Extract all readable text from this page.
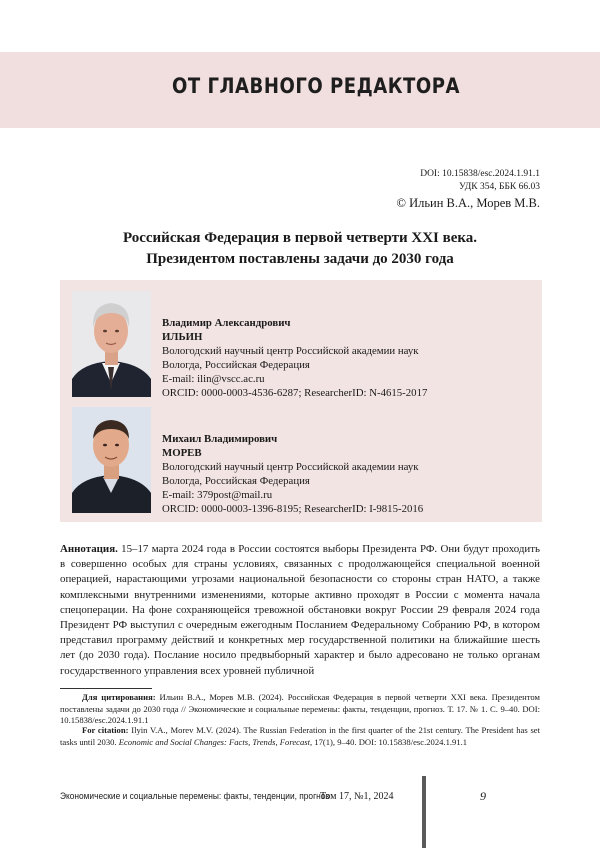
ОТ ГЛАВНОГО РЕДАКТОРА
DOI: 10.15838/esc.2024.1.91.1
УДК 354, ББК 66.03
© Ильин В.А., Морев М.В.
Российская Федерация в первой четверти XXI века.
Президентом поставлены задачи до 2030 года
Владимир Александрович
ИЛЬИН
Вологодский научный центр Российской академии наук
Вологда, Российская Федерация
E-mail: ilin@vscc.ac.ru
ORCID: 0000-0003-4536-6287; ResearcherID: N-4615-2017
Михаил Владимирович
МОРЕВ
Вологодский научный центр Российской академии наук
Вологда, Российская Федерация
E-mail: 379post@mail.ru
ORCID: 0000-0003-1396-8195; ResearcherID: I-9815-2016
Аннотация. 15–17 марта 2024 года в России состоятся выборы Президента РФ. Они будут проходить в совершенно особых для страны условиях, связанных с продолжающейся специальной военной операцией, нарастающими угрозами национальной безопасности со стороны стран НАТО, а также комплексными внутренними изменениями, которые активно проходят в России с момента начала спецоперации. На фоне сохраняющейся тревожной обстановки вокруг России 29 февраля 2024 года Президент РФ выступил с очередным ежегодным Посланием Федеральному Собранию РФ, в котором представил программу действий и конкретных мер государственной политики на ближайшие шесть лет (до 2030 года). Послание носило предвыборный характер и было адресовано не только органам государственного управления всех уровней публичной
Для цитирования: Ильин В.А., Морев М.В. (2024). Российская Федерация в первой четверти XXI века. Президентом поставлены задачи до 2030 года // Экономические и социальные перемены: факты, тенденции, прогноз. Т. 17. № 1. С. 9–40. DOI: 10.15838/esc.2024.1.91.1
For citation: Ilyin V.A., Morev M.V. (2024). The Russian Federation in the first quarter of the 21st century. The President has set tasks until 2030. Economic and Social Changes: Facts, Trends, Forecast, 17(1), 9–40. DOI: 10.15838/esc.2024.1.91.1
Экономические и социальные перемены: факты, тенденции, прогноз
Том 17, №1, 2024	9
